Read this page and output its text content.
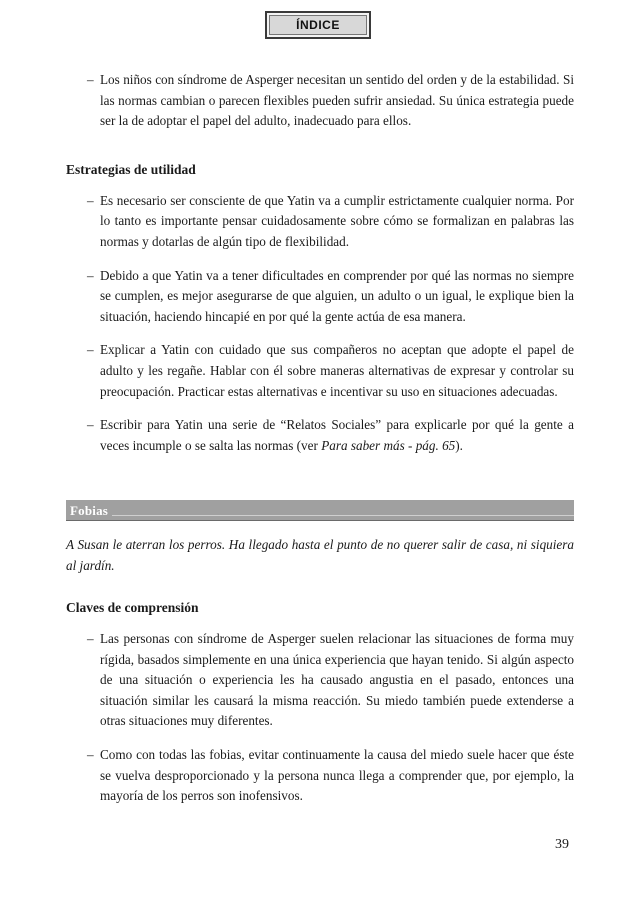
ÍNDICE
– Los niños con síndrome de Asperger necesitan un sentido del orden y de la estabilidad. Si las normas cambian o parecen flexibles pueden sufrir ansiedad. Su única estrategia puede ser la de adoptar el papel del adulto, inadecuado para ellos.
Estrategias de utilidad
– Es necesario ser consciente de que Yatin va a cumplir estrictamente cualquier norma. Por lo tanto es importante pensar cuidadosamente sobre cómo se formalizan en palabras las normas y dotarlas de algún tipo de flexibilidad.
– Debido a que Yatin va a tener dificultades en comprender por qué las normas no siempre se cumplen, es mejor asegurarse de que alguien, un adulto o un igual, le explique bien la situación, haciendo hincapié en por qué la gente actúa de esa manera.
– Explicar a Yatin con cuidado que sus compañeros no aceptan que adopte el papel de adulto y les regañe. Hablar con él sobre maneras alternativas de expresar y controlar su preocupación. Practicar estas alternativas e incentivar su uso en situaciones adecuadas.
– Escribir para Yatin una serie de “Relatos Sociales” para explicarle por qué la gente a veces incumple o se salta las normas (ver Para saber más - pág. 65).
Fobias
A Susan le aterran los perros. Ha llegado hasta el punto de no querer salir de casa, ni siquiera al jardín.
Claves de comprensión
– Las personas con síndrome de Asperger suelen relacionar las situaciones de forma muy rígida, basados simplemente en una única experiencia que hayan tenido. Si algún aspecto de una situación o experiencia les ha causado angustia en el pasado, entonces una situación similar les causará la misma reacción. Su miedo también puede extenderse a otras situaciones muy diferentes.
– Como con todas las fobias, evitar continuamente la causa del miedo suele hacer que éste se vuelva desproporcionado y la persona nunca llega a comprender que, por ejemplo, la mayoría de los perros son inofensivos.
39
